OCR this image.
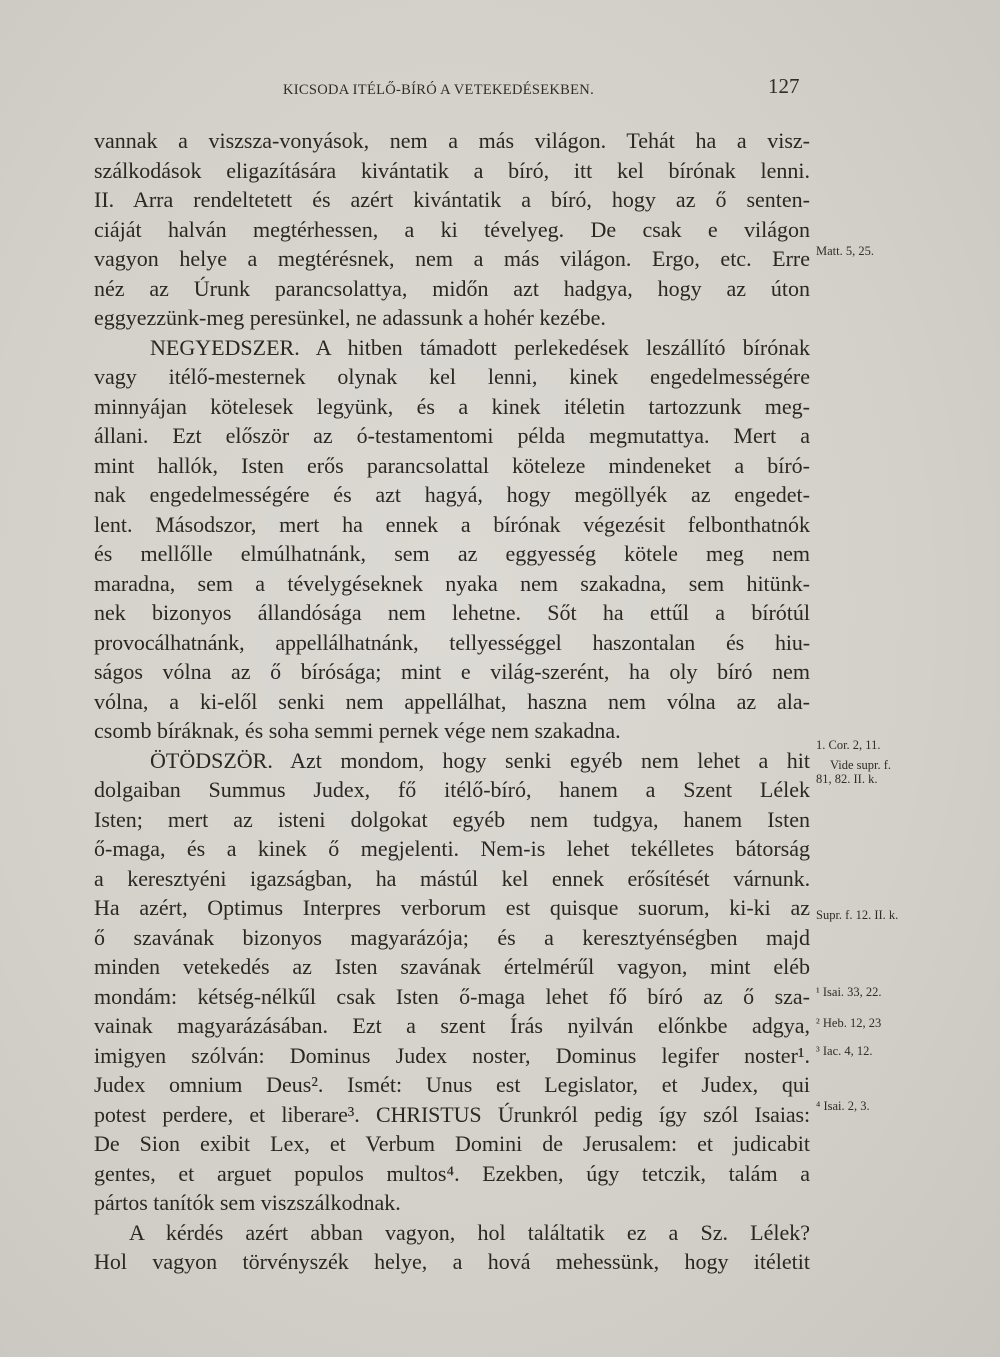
KICSODA ITÉLŐ-BÍRÓ A VETEKEDÉSEKBEN.	127
vannak a viszsza-vonyások, nem a más világon. Tehát ha a visz-
szálkodások eligazítására kivántatik a bíró, itt kel bírónak lenni.
II. Arra rendeltetett és azért kivántatik a bíró, hogy az ő senten-
ciáját halván megtérhessen, a ki tévelyeg. De csak e világon
vagyon helye a megtérésnek, nem a más világon. Ergo, etc. Erre
néz az Úrunk parancsolattya, midőn azt hadgya, hogy az úton
eggyezzünk-meg peresünkel, ne adassunk a hohér kezébe.
NEGYEDSZER. A hitben támadott perlekedések leszállító bírónak
vagy itélő-mesternek olynak kel lenni, kinek engedelmességére
minnyájan kötelesek legyünk, és a kinek itéletin tartozzunk meg-
állani. Ezt először az ó-testamentomi példa megmutattya. Mert a
mint hallók, Isten erős parancsolattal köteleze mindeneket a bíró-
nak engedelmességére és azt hagyá, hogy megöllyék az engedet-
lent. Másodszor, mert ha ennek a bírónak végezésit felbonthatnók
és mellőlle elmúlhatnánk, sem az eggyesség kötele meg nem
maradna, sem a tévelygéseknek nyaka nem szakadna, sem hitünk-
nek bizonyos állandósága nem lehetne. Sőt ha ettűl a bírótúl
provocálhatnánk, appellálhatnánk, tellyességgel haszontalan és hiu-
ságos vólna az ő bírósága; mint e világ-szerént, ha oly bíró nem
vólna, a ki-elől senki nem appellálhat, haszna nem vólna az ala-
csomb bíráknak, és soha semmi pernek vége nem szakadna.
ÖTÖDSZÖR. Azt mondom, hogy senki egyéb nem lehet a hit
dolgaiban Summus Judex, fő itélő-bíró, hanem a Szent Lélek
Isten; mert az isteni dolgokat egyéb nem tudgya, hanem Isten
ő-maga, és a kinek ő megjelenti. Nem-is lehet tekélletes bátorság
a keresztyéni igazságban, ha mástúl kel ennek erősítését várnunk.
Ha azért, Optimus Interpres verborum est quisque suorum, ki-ki az
ő szavának bizonyos magyarázója; és a keresztyénségben majd
minden vetekedés az Isten szavának értelmérűl vagyon, mint eléb
mondám: kétség-nélkűl csak Isten ő-maga lehet fő bíró az ő sza-
vainak magyarázásában. Ezt a szent Írás nyilván előnkbe adgya,
imigyen szólván: Dominus Judex noster, Dominus legifer noster¹.
Judex omnium Deus². Ismét: Unus est Legislator, et Judex, qui
potest perdere, et liberare³. CHRISTUS Úrunkról pedig így szól Isaias:
De Sion exibit Lex, et Verbum Domini de Jerusalem: et judicabit
gentes, et arguet populos multos⁴. Ezekben, úgy tetczik, talám a
pártos tanítók sem viszszálkodnak.
A kérdés azért abban vagyon, hol találtatik ez a Sz. Lélek?
Hol vagyon törvényszék helye, a hová mehessünk, hogy itéletit
Matt. 5, 25.
1. Cor. 2, 11.
Vide supr. f.
81, 82. II. k.
Supr. f. 12. II. k.
¹ Isai. 33, 22.
² Heb. 12, 23
³ Iac. 4, 12.
⁴ Isai. 2, 3.
